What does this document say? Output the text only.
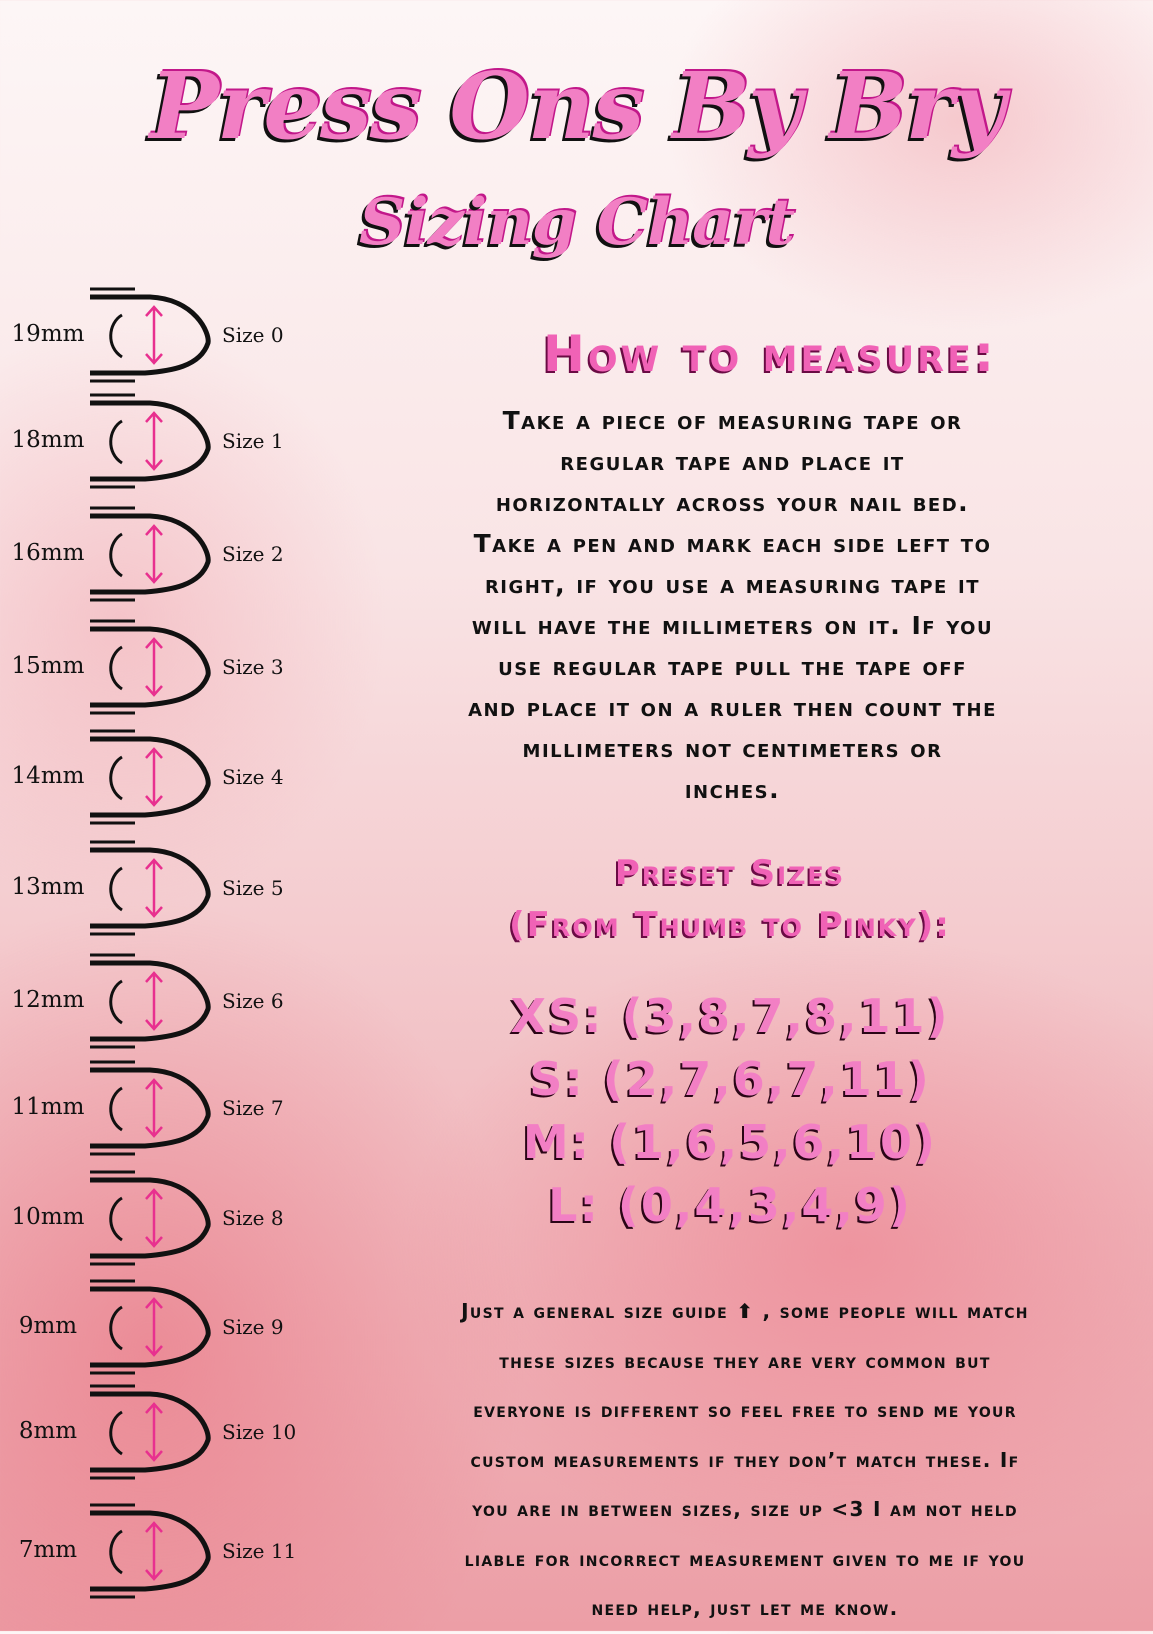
Press Ons By Bry
Sizing Chart
19mm	Size 0
18mm	Size 1
16mm	Size 2
15mm	Size 3
14mm	Size 4
13mm	Size 5
12mm	Size 6
11mm	Size 7
10mm	Size 8
9mm	Size 9
8mm	Size 10
7mm	Size 11
How to measure:
Take a piece of measuring tape or
regular tape and place it
horizontally across your nail bed.
Take a pen and mark each side left to
right, if you use a measuring tape it
will have the millimeters on it. If you
use regular tape pull the tape off
and place it on a ruler then count the
millimeters not centimeters or
inches.
Preset Sizes
(From Thumb to Pinky):
XS: (3,8,7,8,11)
S: (2,7,6,7,11)
M: (1,6,5,6,10)
L: (0,4,3,4,9)
Just a general size guide ⬆ , some people will match
these sizes because they are very common but
everyone is different so feel free to send me your
custom measurements if they don’t match these. If
you are in between sizes, size up <3 I am not held
liable for incorrect measurement given to me if you
need help, just let me know.
